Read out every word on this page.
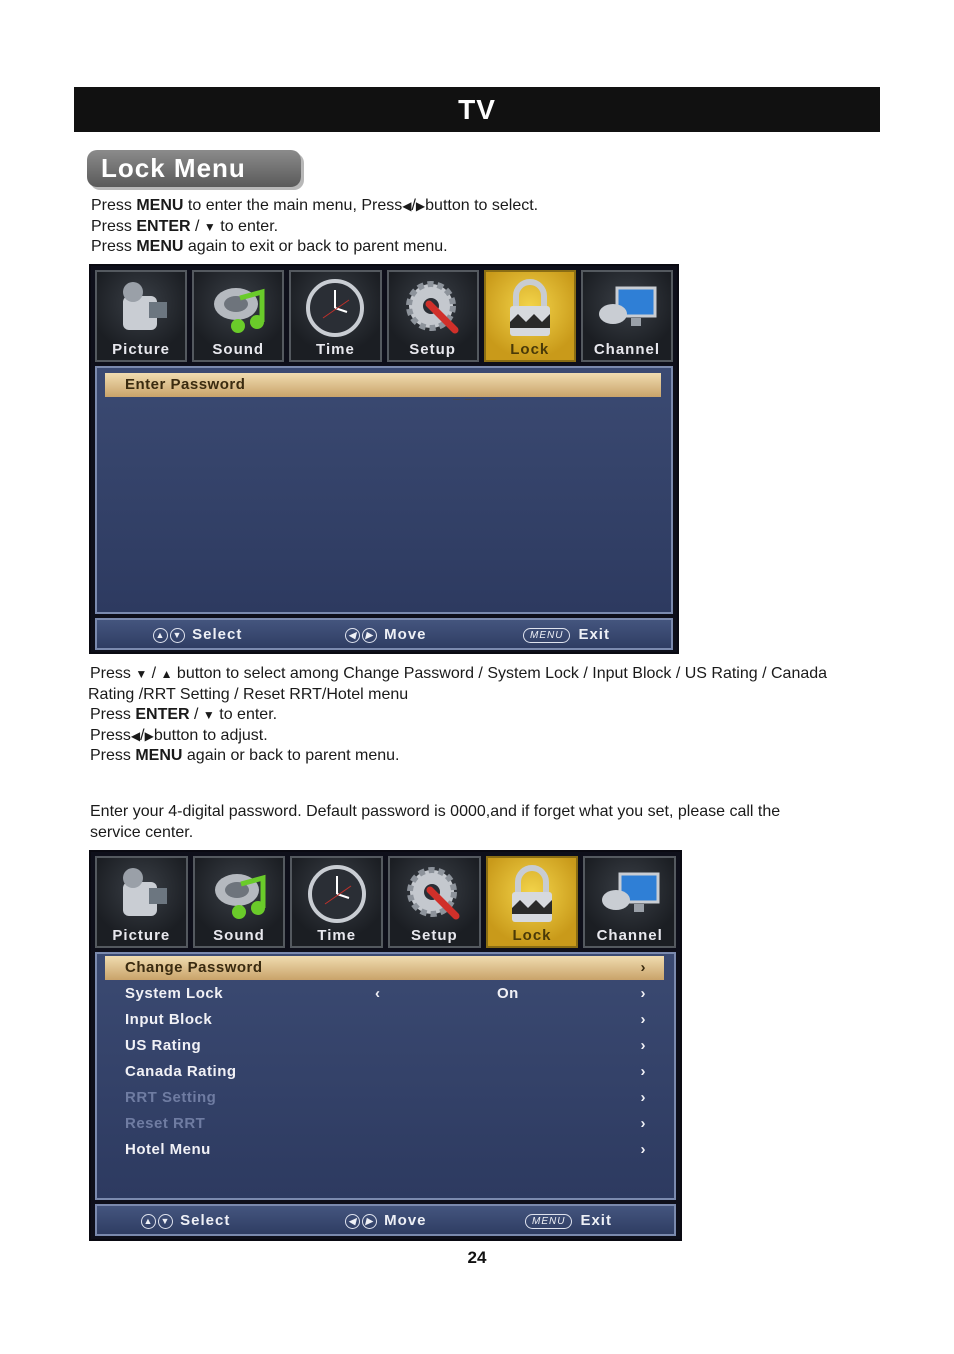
TV
Lock Menu
Press MENU to enter the main menu, Press◀/▶button to select.
Press ENTER / ▼ to enter.
Press MENU again to exit or back to parent menu.
Picture	Sound	Time	Setup	Lock	Channel
Enter Password
_ _ _ _
▲ ▼ Select	◀ ▶ Move	MENU Exit
Press ▼ / ▲ button to select among Change Password / System Lock / Input Block / US Rating / Canada
Rating /RRT Setting / Reset RRT/Hotel menu
Press ENTER / ▼ to enter.
Press◀/▶button to adjust.
Press MENU again or back to parent menu.
Enter your 4-digital password. Default password is 0000,and if forget what you set, please call the
service center.
Picture	Sound	Time	Setup	Lock	Channel
Change Password	›
System Lock	‹	On	›
Input Block	›
US Rating	›
Canada Rating	›
RRT Setting	›
Reset RRT	›
Hotel Menu	›
▲ ▼ Select	◀ ▶ Move	MENU Exit
24
